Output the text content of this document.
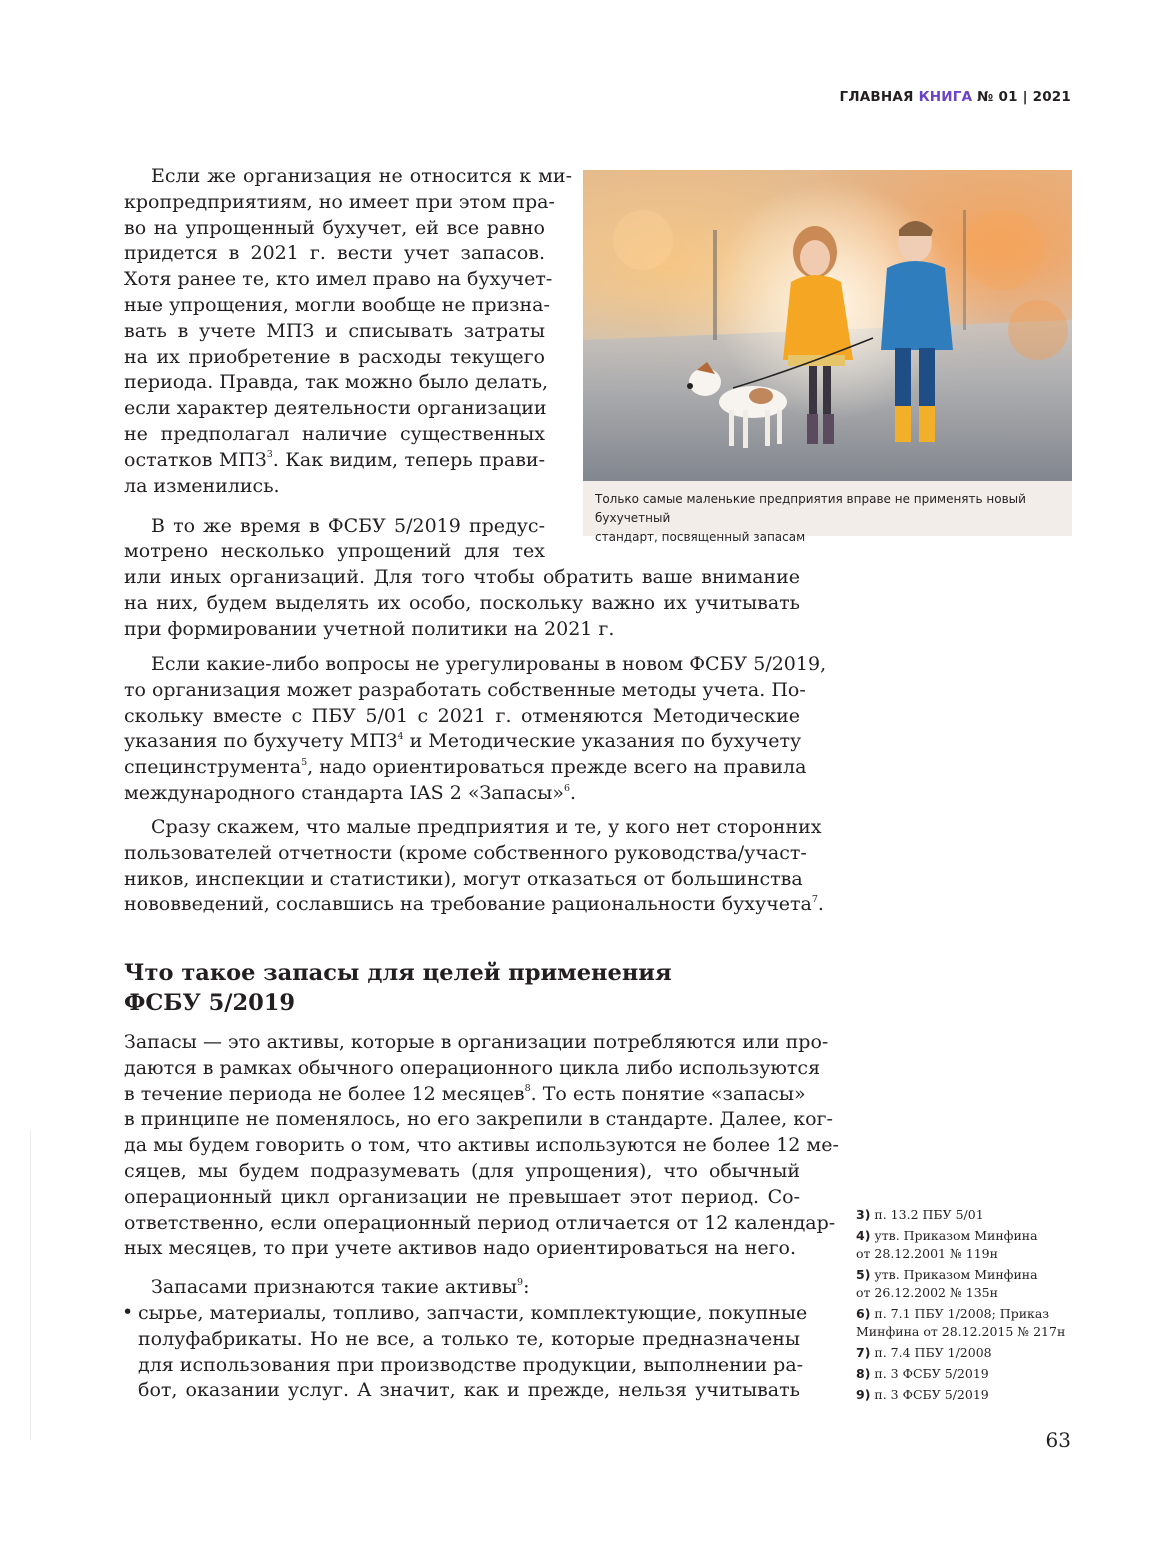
ГЛАВНАЯ КНИГА № 01 | 2021
Если же организация не относится к ми-
кропредприятиям, но имеет при этом пра-
во на упрощенный бухучет, ей все равно
придется в 2021 г. вести учет запасов.
Хотя ранее те, кто имел право на бухучет-
ные упрощения, могли вообще не призна-
вать в учете МПЗ и списывать затраты
на их приобретение в расходы текущего
периода. Правда, так можно было делать,
если характер деятельности организации
не предполагал наличие существенных
остатков МПЗ$^3$. Как видим, теперь прави-
ла изменились.
В то же время в ФСБУ 5/2019 предус-
мотрено несколько упрощений для тех
или иных организаций. Для того чтобы обратить ваше внимание
на них, будем выделять их особо, поскольку важно их учитывать
при формировании учетной политики на 2021 г.
Если какие-либо вопросы не урегулированы в новом ФСБУ 5/2019,
то организация может разработать собственные методы учета. По-
скольку вместе с ПБУ 5/01 с 2021 г. отменяются Методические
указания по бухучету МПЗ$^4$ и Методические указания по бухучету
специнструмента$^5$, надо ориентироваться прежде всего на правила
международного стандарта IAS 2 «Запасы»$^6$.
Сразу скажем, что малые предприятия и те, у кого нет сторонних
пользователей отчетности (кроме собственного руководства/участ-
ников, инспекции и статистики), могут отказаться от большинства
нововведений, сославшись на требование рациональности бухучета$^7$.
Что такое запасы для целей применения
ФСБУ 5/2019
Запасы — это активы, которые в организации потребляются или про-
даются в рамках обычного операционного цикла либо используются
в течение периода не более 12 месяцев$^8$. То есть понятие «запасы»
в принципе не поменялось, но его закрепили в стандарте. Далее, ког-
да мы будем говорить о том, что активы используются не более 12 ме-
сяцев, мы будем подразумевать (для упрощения), что обычный
операционный цикл организации не превышает этот период. Со-
ответственно, если операционный период отличается от 12 календар-
ных месяцев, то при учете активов надо ориентироваться на него.
Запасами признаются такие активы$^9$:
• сырье, материалы, топливо, запчасти, комплектующие, покупные
полуфабрикаты. Но не все, а только те, которые предназначены
для использования при производстве продукции, выполнении ра-
бот, оказании услуг. А значит, как и прежде, нельзя учитывать
Только самые маленькие предприятия вправе не применять новый бухучетный
стандарт, посвященный запасам
3) п. 13.2 ПБУ 5/01
4) утв. Приказом Минфина
от 28.12.2001 № 119н
5) утв. Приказом Минфина
от 26.12.2002 № 135н
6) п. 7.1 ПБУ 1/2008; Приказ
Минфина от 28.12.2015 № 217н
7) п. 7.4 ПБУ 1/2008
8) п. 3 ФСБУ 5/2019
9) п. 3 ФСБУ 5/2019
63
